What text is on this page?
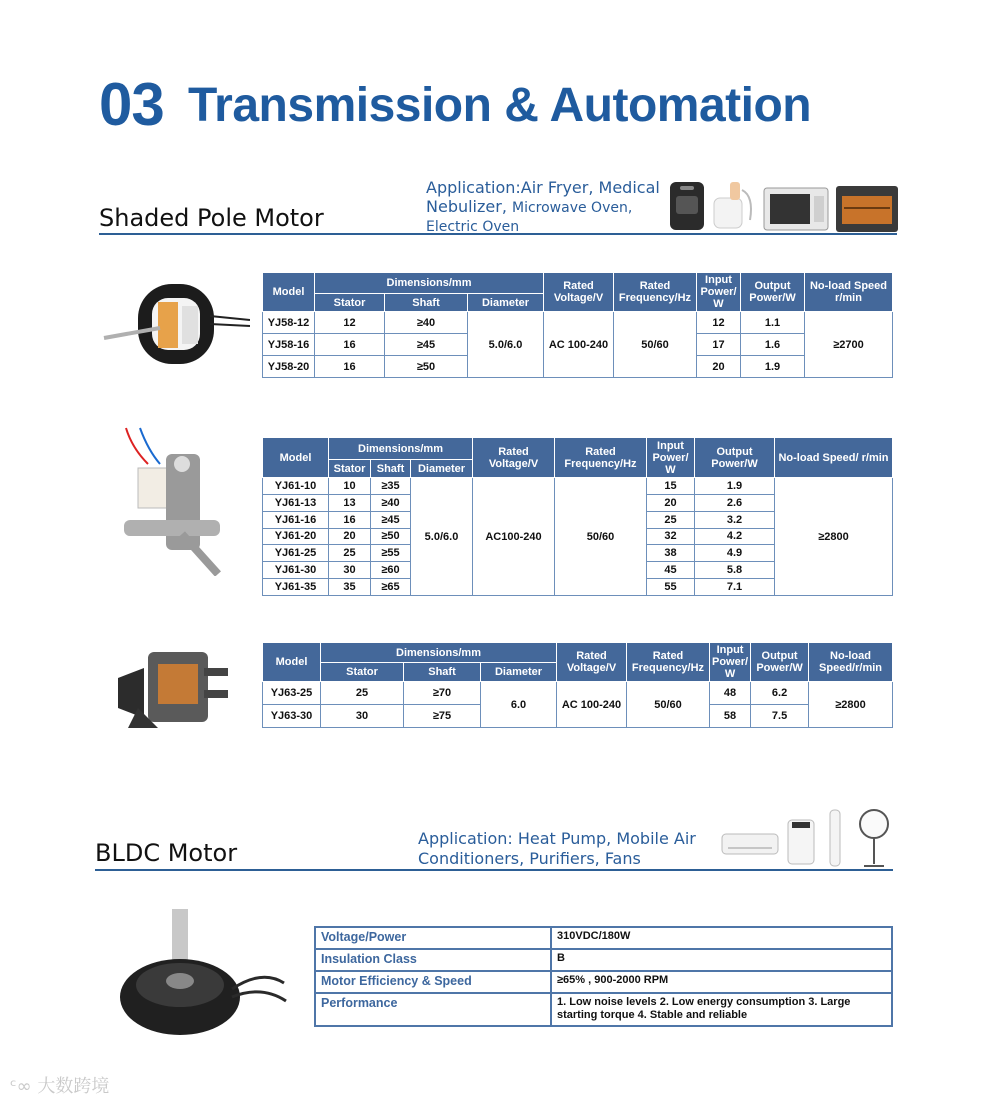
03 Transmission & Automation
Shaded Pole Motor
Application:Air Fryer, Medical
Nebulizer, Microwave Oven,
Electric Oven
Model	Dimensions/mm			Rated Voltage/V	Rated Frequency/Hz	Input Power/ W	Output Power/W	No-load Speed r/min
	Stator	Shaft	Diameter					
YJ58-12	12	≥40	5.0/6.0	AC 100-240	50/60	12	1.1	≥2700
YJ58-16	16	≥45				17	1.6	
YJ58-20	16	≥50				20	1.9	
Model	Dimensions/mm			Rated Voltage/V	Rated Frequency/Hz	Input Power/ W	Output Power/W	No-load Speed/ r/min
	Stator	Shaft	Diameter					
YJ61-10	10	≥35	5.0/6.0	AC100-240	50/60	15	1.9	≥2800
YJ61-13	13	≥40				20	2.6	
YJ61-16	16	≥45				25	3.2	
YJ61-20	20	≥50				32	4.2	
YJ61-25	25	≥55				38	4.9	
YJ61-30	30	≥60				45	5.8	
YJ61-35	35	≥65				55	7.1	
Model	Dimensions/mm			Rated Voltage/V	Rated Frequency/Hz	Input Power/ W	Output Power/W	No-load Speed/r/min
	Stator	Shaft	Diameter					
YJ63-25	25	≥70	6.0	AC 100-240	50/60	48	6.2	≥2800
YJ63-30	30	≥75				58	7.5	
BLDC Motor
Application: Heat Pump, Mobile Air
Conditioners, Purifiers, Fans
Voltage/Power	310VDC/180W
Insulation Class	B
Motor Efficiency & Speed	≥65% , 900-2000 RPM
Performance	1. Low noise levels 2. Low energy consumption 3. Large starting torque 4. Stable and reliable
ᶜ∞ 大数跨境
